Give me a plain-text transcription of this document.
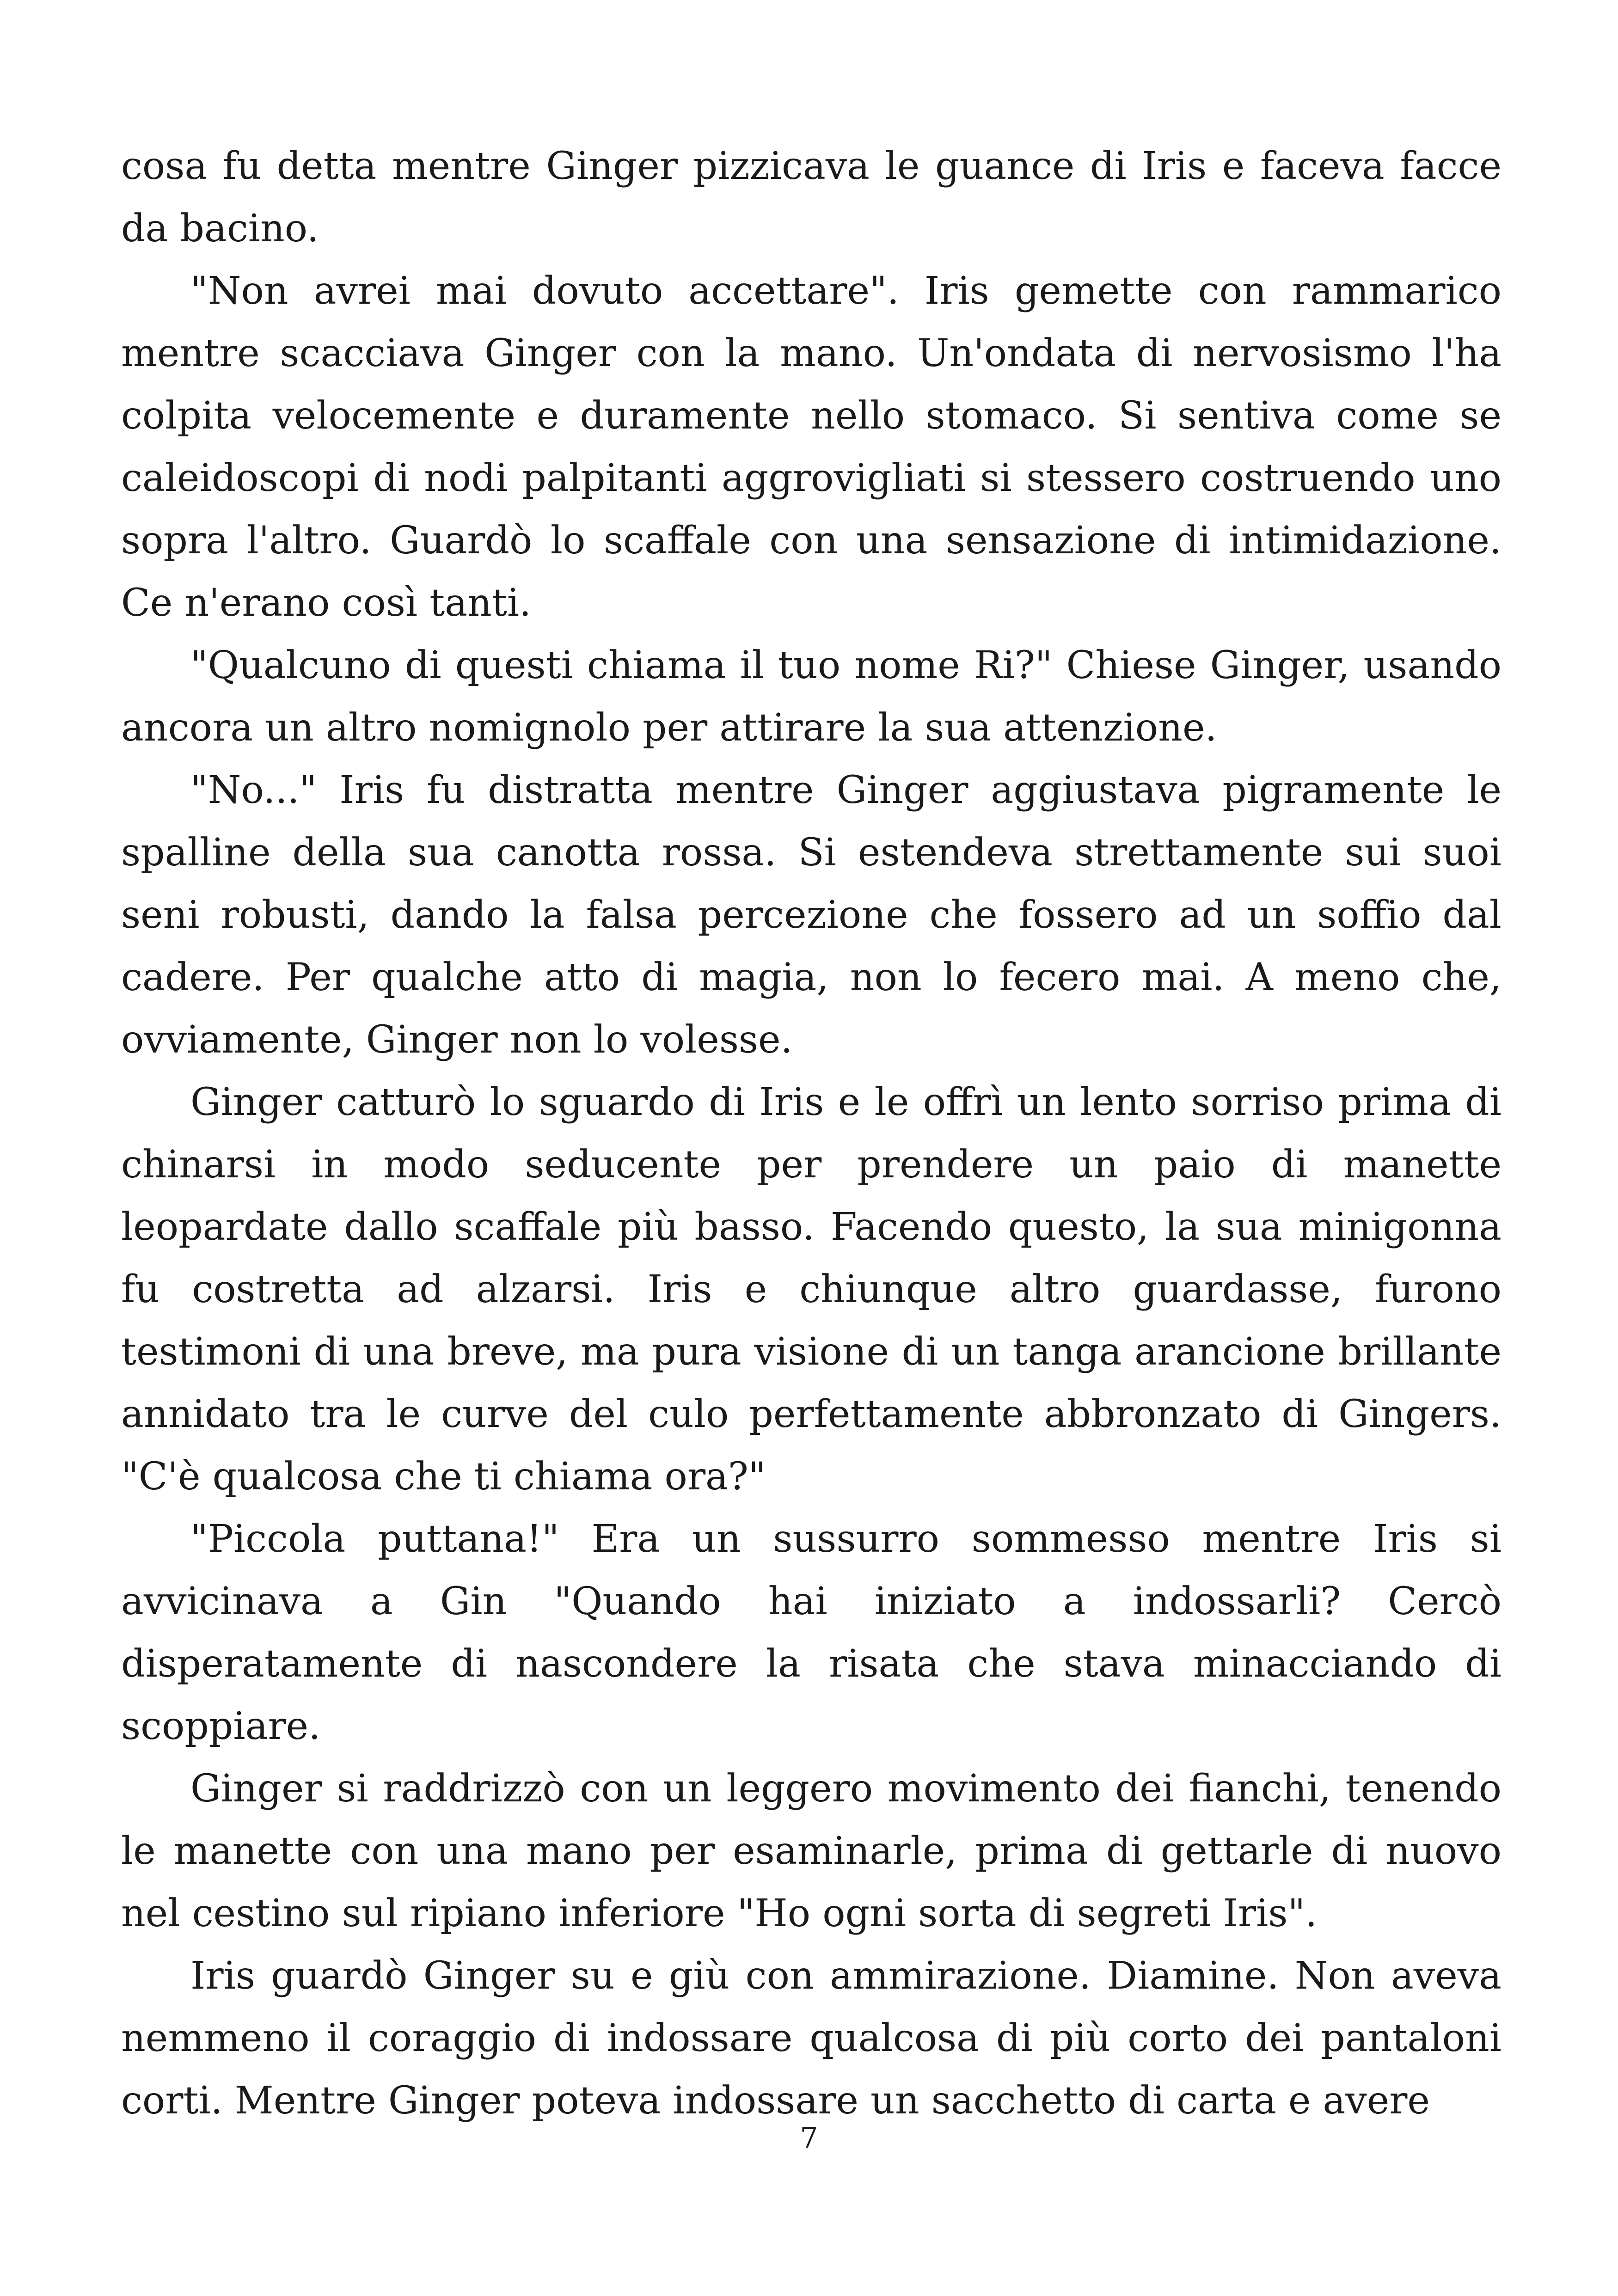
cosa fu detta mentre Ginger pizzicava le guance di Iris e faceva facce da bacino.

"Non avrei mai dovuto accettare". Iris gemette con rammarico mentre scacciava Ginger con la mano. Un'ondata di nervosismo l'ha colpita velocemente e duramente nello stomaco. Si sentiva come se caleidoscopi di nodi palpitanti aggrovigliati si stessero costruendo uno sopra l'altro. Guardò lo scaffale con una sensazione di intimidazione. Ce n'erano così tanti.

"Qualcuno di questi chiama il tuo nome Ri?" Chiese Ginger, usando ancora un altro nomignolo per attirare la sua attenzione.

"No..." Iris fu distratta mentre Ginger aggiustava pigramente le spalline della sua canotta rossa. Si estendeva strettamente sui suoi seni robusti, dando la falsa percezione che fossero ad un soffio dal cadere. Per qualche atto di magia, non lo fecero mai. A meno che, ovviamente, Ginger non lo volesse.

Ginger catturò lo sguardo di Iris e le offrì un lento sorriso prima di chinarsi in modo seducente per prendere un paio di manette leopardate dallo scaffale più basso. Facendo questo, la sua minigonna fu costretta ad alzarsi. Iris e chiunque altro guardasse, furono testimoni di una breve, ma pura visione di un tanga arancione brillante annidato tra le curve del culo perfettamente abbronzato di Gingers. "C'è qualcosa che ti chiama ora?"

"Piccola puttana!" Era un sussurro sommesso mentre Iris si avvicinava a Gin "Quando hai iniziato a indossarli? Cercò disperatamente di nascondere la risata che stava minacciando di scoppiare.

Ginger si raddrizzò con un leggero movimento dei fianchi, tenendo le manette con una mano per esaminarle, prima di gettarle di nuovo nel cestino sul ripiano inferiore "Ho ogni sorta di segreti Iris".

Iris guardò Ginger su e giù con ammirazione. Diamine. Non aveva nemmeno il coraggio di indossare qualcosa di più corto dei pantaloni corti. Mentre Ginger poteva indossare un sacchetto di carta e avere

7
